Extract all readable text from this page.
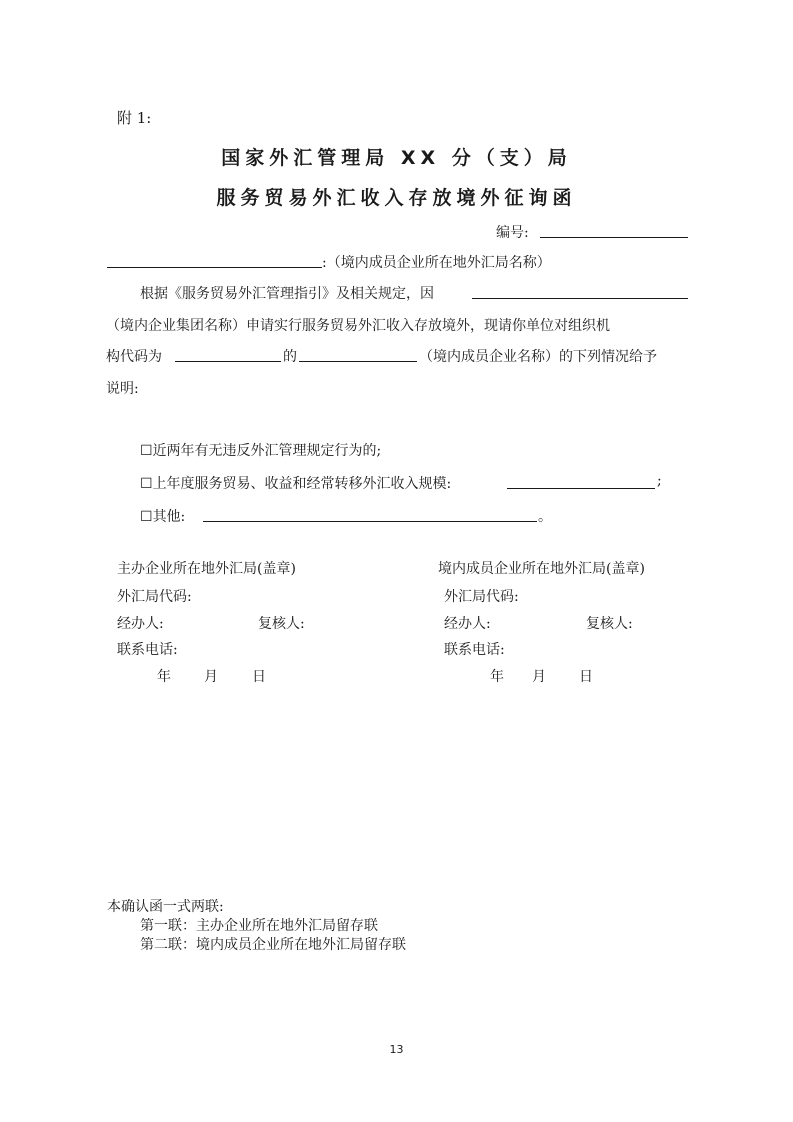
附 1:
国家外汇管理局 XX 分（支）局
服务贸易外汇收入存放境外征询函
编号:
:（境内成员企业所在地外汇局名称）
根据《服务贸易外汇管理指引》及相关规定，因
（境内企业集团名称）申请实行服务贸易外汇收入存放境外，现请你单位对组织机
构代码为	的	（境内成员企业名称）的下列情况给予
说明:
☐近两年有无违反外汇管理规定行为的;
☐上年度服务贸易、收益和经常转移外汇收入规模:	;
☐其他:	。
主办企业所在地外汇局(盖章)
外汇局代码:
经办人:	复核人:
联系电话:
年 月 日
境内成员企业所在地外汇局(盖章)
外汇局代码:
经办人:	复核人:
联系电话:
年 月 日
本确认函一式两联:
第一联：主办企业所在地外汇局留存联
第二联：境内成员企业所在地外汇局留存联
13
